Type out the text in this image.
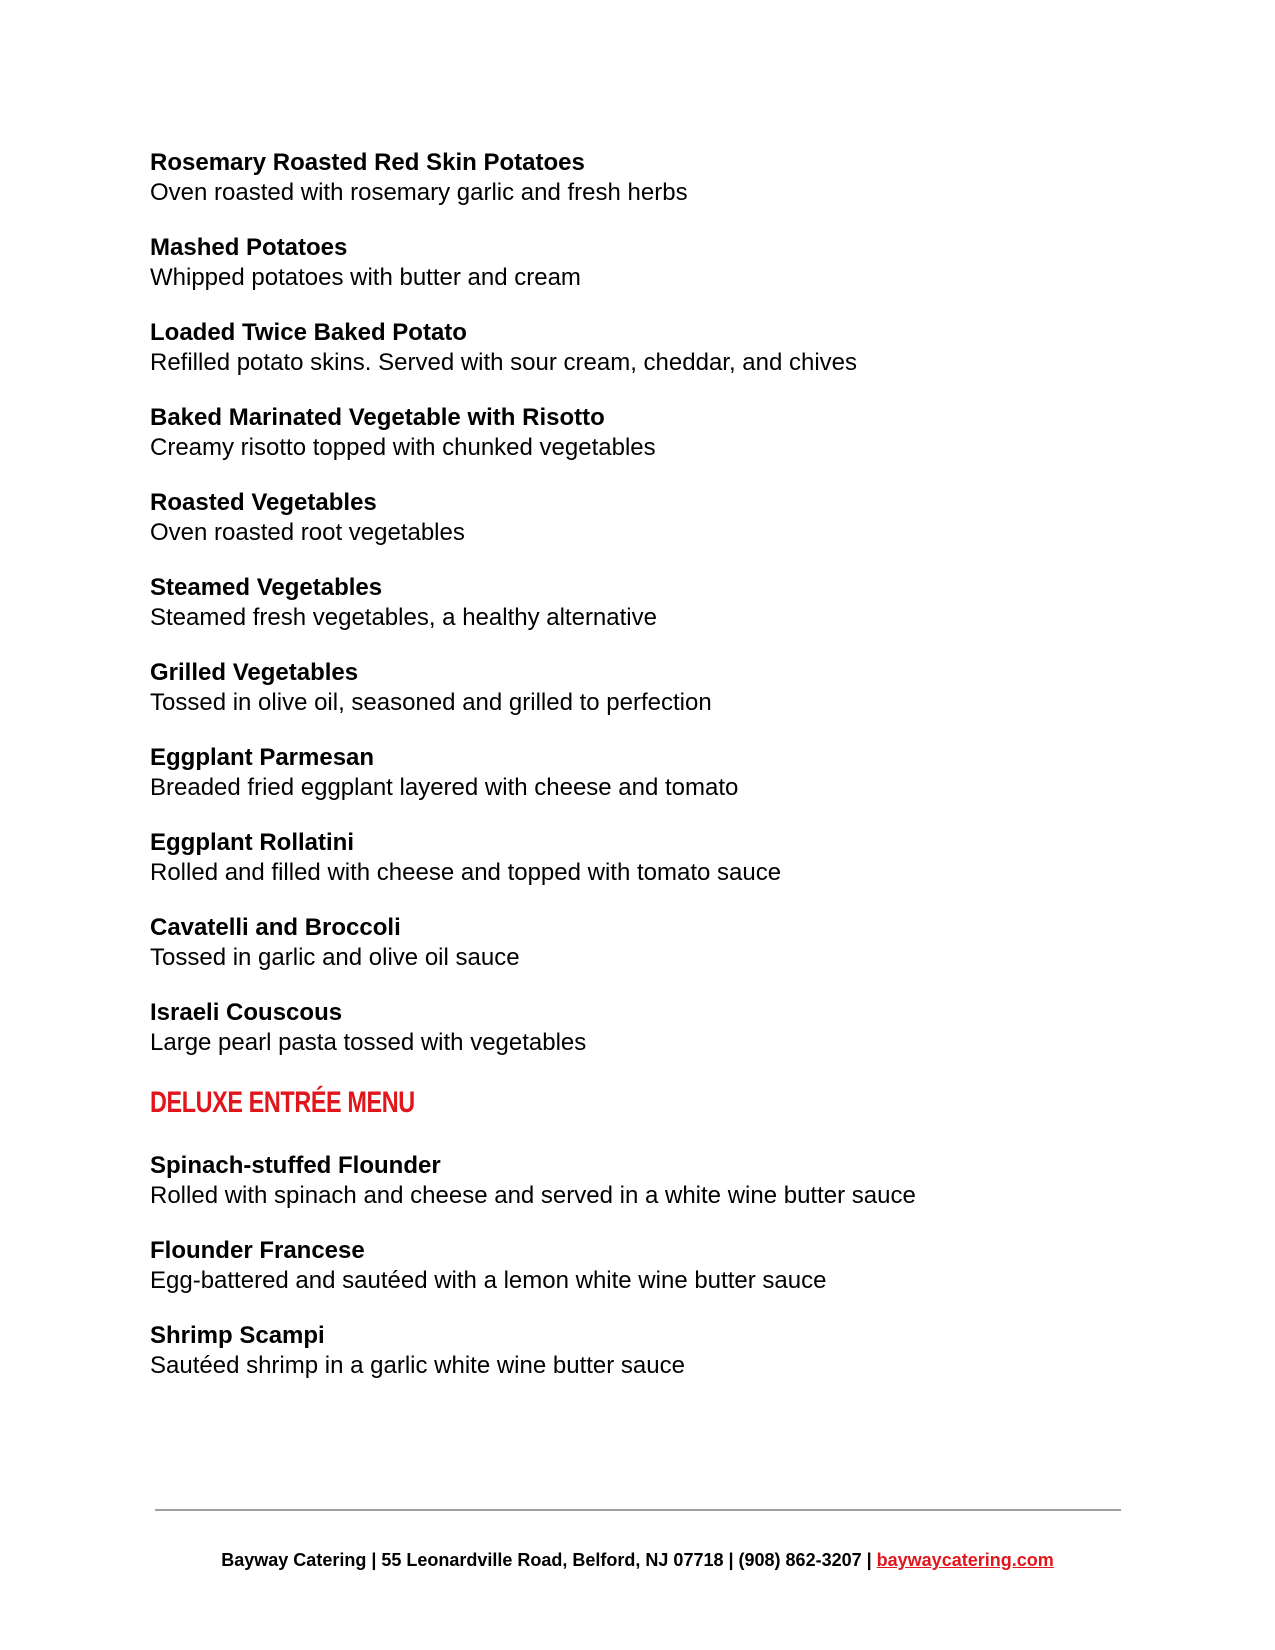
Rosemary Roasted Red Skin Potatoes
Oven roasted with rosemary garlic and fresh herbs
Mashed Potatoes
Whipped potatoes with butter and cream
Loaded Twice Baked Potato
Refilled potato skins. Served with sour cream, cheddar, and chives
Baked Marinated Vegetable with Risotto
Creamy risotto topped with chunked vegetables
Roasted Vegetables
Oven roasted root vegetables
Steamed Vegetables
Steamed fresh vegetables, a healthy alternative
Grilled Vegetables
Tossed in olive oil, seasoned and grilled to perfection
Eggplant Parmesan
Breaded fried eggplant layered with cheese and tomato
Eggplant Rollatini
Rolled and filled with cheese and topped with tomato sauce
Cavatelli and Broccoli
Tossed in garlic and olive oil sauce
Israeli Couscous
Large pearl pasta tossed with vegetables
DELUXE ENTRÉE MENU
Spinach-stuffed Flounder
Rolled with spinach and cheese and served in a white wine butter sauce
Flounder Francese
Egg-battered and sautéed with a lemon white wine butter sauce
Shrimp Scampi
Sautéed shrimp in a garlic white wine butter sauce
Bayway Catering | 55 Leonardville Road, Belford, NJ 07718 | (908) 862-3207 | baywaycatering.com
